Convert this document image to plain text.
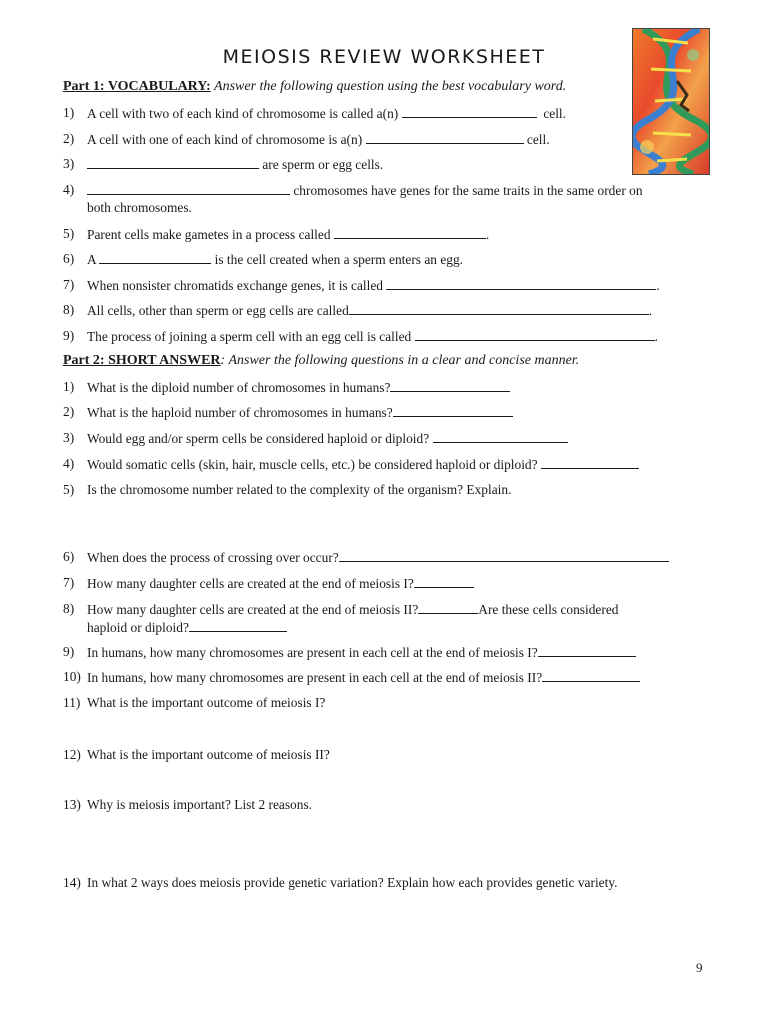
MEIOSIS REVIEW WORKSHEET
Part 1: VOCABULARY: Answer the following question using the best vocabulary word.
1) A cell with two of each kind of chromosome is called a(n)	cell.
2) A cell with one of each kind of chromosome is a(n)	cell.
3)	are sperm or egg cells.
4)	chromosomes have genes for the same traits in the same order on
both chromosomes.
5) Parent cells make gametes in a process called	.
6) A	is the cell created when a sperm enters an egg.
7) When nonsister chromatids exchange genes, it is called	.
8) All cells, other than sperm or egg cells are called	.
9) The process of joining a sperm cell with an egg cell is called	.
Part 2: SHORT ANSWER: Answer the following questions in a clear and concise manner.
1) What is the diploid number of chromosomes in humans?
2) What is the haploid number of chromosomes in humans?
3) Would egg and/or sperm cells be considered haploid or diploid?
4) Would somatic cells (skin, hair, muscle cells, etc.) be considered haploid or diploid?
5) Is the chromosome number related to the complexity of the organism? Explain.
6) When does the process of crossing over occur?
7) How many daughter cells are created at the end of meiosis I?
8) How many daughter cells are created at the end of meiosis II?	Are these cells considered
haploid or diploid?
9) In humans, how many chromosomes are present in each cell at the end of meiosis I?
10) In humans, how many chromosomes are present in each cell at the end of meiosis II?
11) What is the important outcome of meiosis I?
12) What is the important outcome of meiosis II?
13) Why is meiosis important? List 2 reasons.
14) In what 2 ways does meiosis provide genetic variation? Explain how each provides genetic variety.
9
